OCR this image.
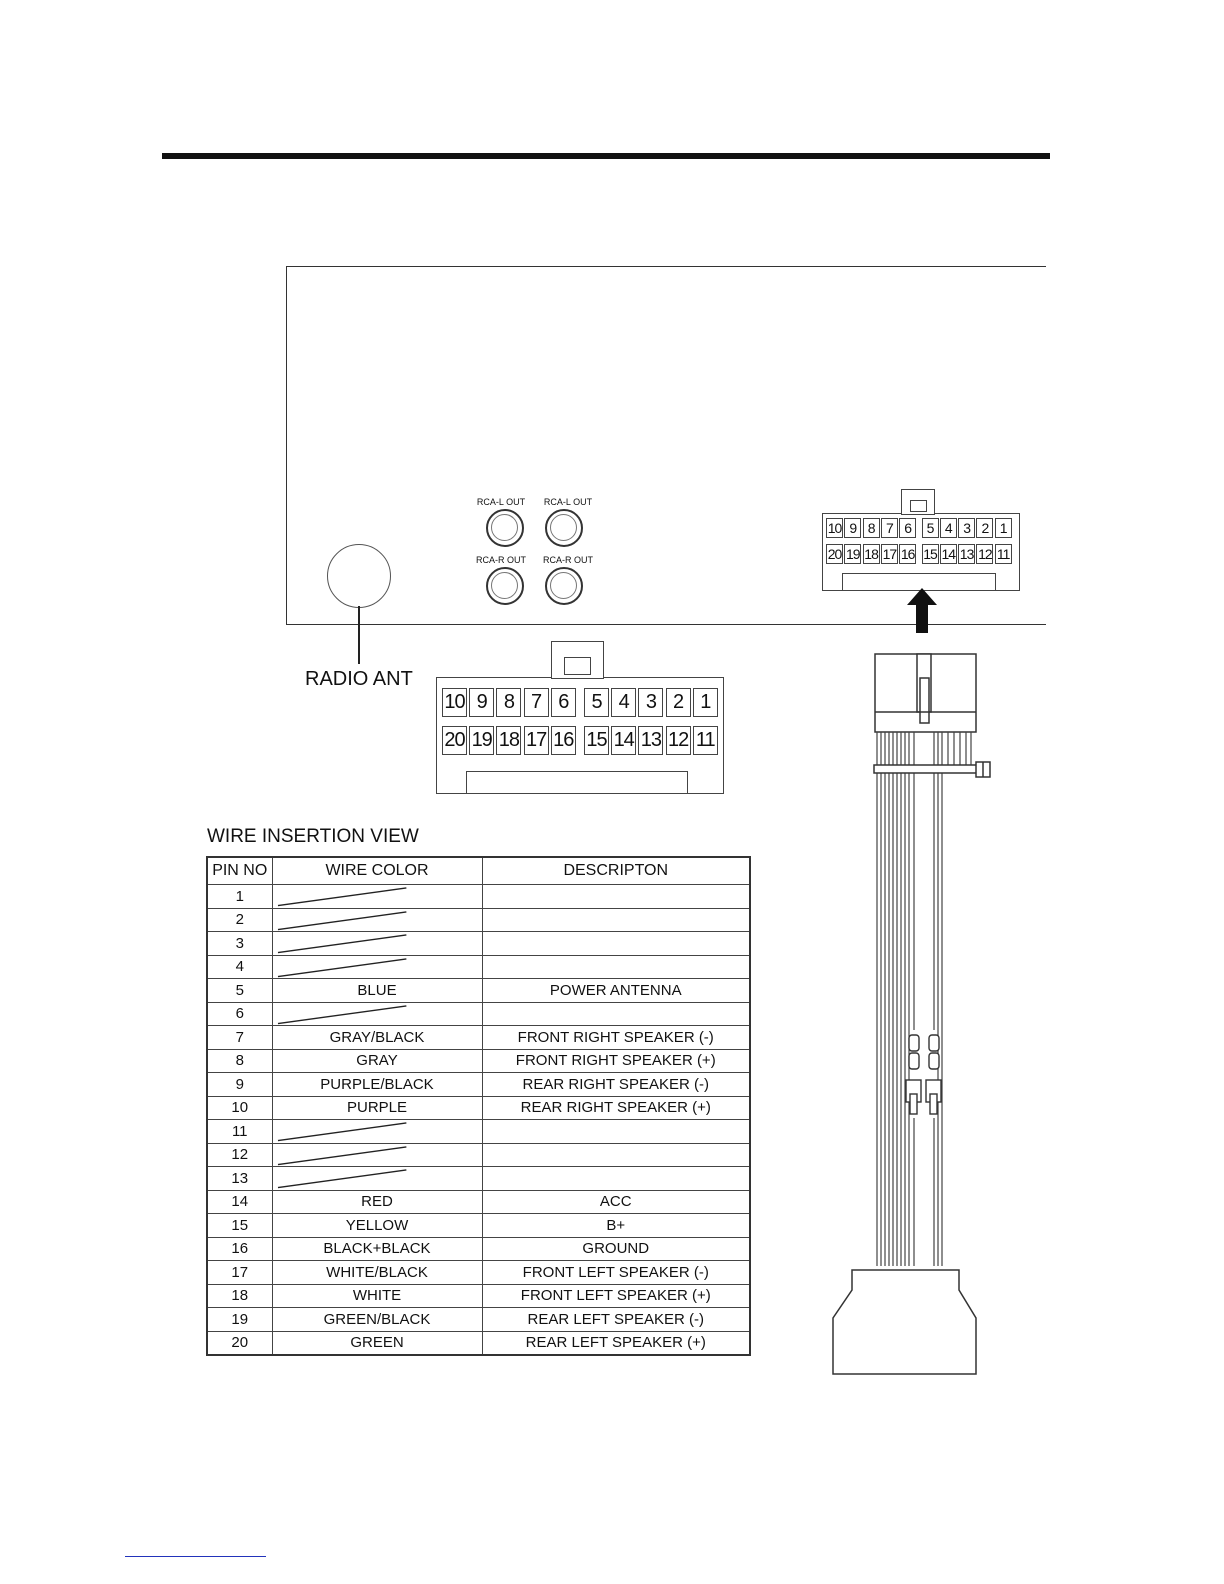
RADIO ANT
RCA-L OUT	RCA-L OUT
RCA-R OUT	RCA-R OUT
10 9 8 7 6	5 4 3 2 1
20 19 18 17 16 15 14 13 12 11
10 9 8 7 6	5 4 3 2 1
20 19 18 17 16 15 14 13 12 11
WIRE INSERTION VIEW
PIN NO	WIRE COLOR	DESCRIPTON
1	

2	

3	

4	

5	BLUE	POWER ANTENNA
6	

7	GRAY/BLACK	FRONT RIGHT SPEAKER (-)
8	GRAY	FRONT RIGHT SPEAKER (+)
9	PURPLE/BLACK	REAR RIGHT SPEAKER (-)
10	PURPLE	REAR RIGHT SPEAKER (+)
11	

12	

13	

14	RED	ACC
15	YELLOW	B+
16	BLACK+BLACK	GROUND
17	WHITE/BLACK	FRONT LEFT SPEAKER (-)
18	WHITE	FRONT LEFT SPEAKER (+)
19	GREEN/BLACK	REAR LEFT SPEAKER (-)
20	GREEN	REAR LEFT SPEAKER (+)
